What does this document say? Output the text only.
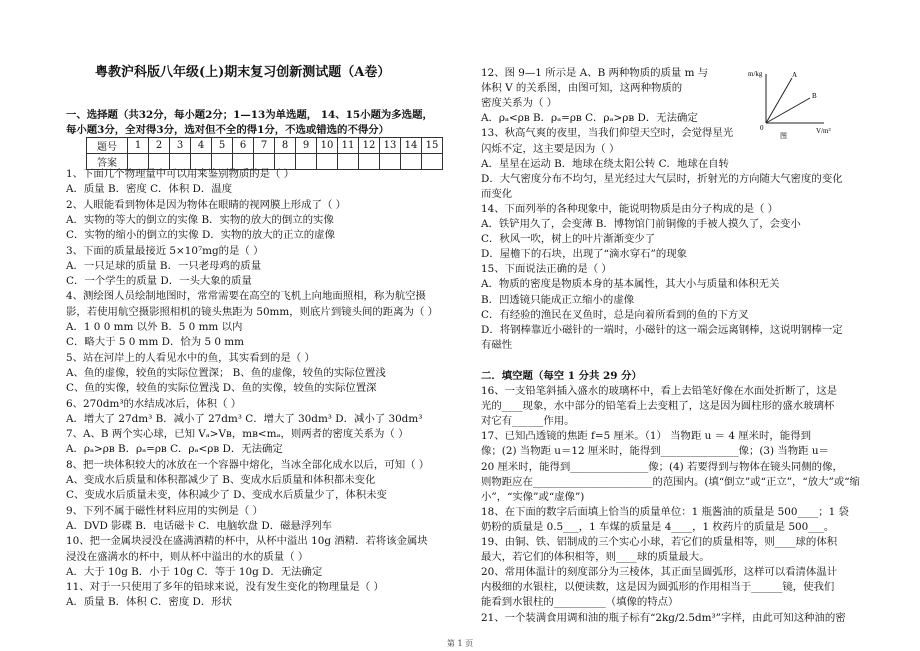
粤教沪科版八年级(上)期末复习创新测试题（A卷）
一、选择题（共32分，每小题2分；1—13为单选题， 14、15小题为多选题，
每小题3分，全对得3分，选对但不全的得1分，不选或错选的不得分）
1、下面几个物理量中可以用来鉴别物质的是（ ）
A．质量 B．密度 C．体积 D．温度
2、人眼能看到物体是因为物体在眼睛的视网膜上形成了（ ）
A．实物的等大的倒立的实像 B．实物的放大的倒立的实像
C．实物的缩小的倒立的实像 D．实物的放大的正立的虚像
3、下面的质量最接近 5×10⁷mg的是（ ）
A．一只足球的质量 B．一只老母鸡的质量
C．一个学生的质量 D．一头大象的质量
4、测绘图人员绘制地图时，常常需要在高空的飞机上向地面照相，称为航空摄
影，若使用航空摄影照相机的镜头焦距为 50mm，则底片到镜头间的距离为（ ）
A．1 0 0 mm 以外 B．5 0 mm 以内
C．略大于 5 0 mm D．恰为 5 0 mm
5、站在河岸上的人看见水中的鱼，其实看到的是（ ）
A、鱼的虚像，较鱼的实际位置深； B、鱼的虚像，较鱼的实际位置浅
C、鱼的实像，较鱼的实际位置浅 D、鱼的实像，较鱼的实际位置深
6、270dm³的水结成冰后，体积（ ）
A．增大了 27dm³ B．减小了 27dm³ C．增大了 30dm³ D．减小了 30dm³
7、A、B 两个实心球，已知 Vₐ>Vʙ，mʙ<mₐ，则两者的密度关系为（ ）
A．ρₐ>ρʙ B．ρₐ=ρʙ C．ρₐ<ρʙ D．无法确定
8、把一块体积较大的冰放在一个容器中熔化，当冰全部化成水以后，可知（ ）
A、变成水后质量和体积都减少了 B、变成水后质量和体积都未变化
C、变成水后质量未变，体积减少了 D、变成水后质量少了，体积未变
9、下列不属于磁性材料应用的实例是（ ）
A．DVD 影碟 B．电话磁卡 C．电脑软盘 D．磁悬浮列车
10、把一金属块浸没在盛满酒精的杯中，从杯中溢出 10g 酒精．若将该金属块
浸没在盛满水的杯中，则从杯中溢出的水的质量（ ）
A．大于 10g B．小于 10g C．等于 10g D．无法确定
11、对于一只使用了多年的铅球来说，没有发生变化的物理量是（ ）
A．质量 B．体积 C．密度 D．形状
12、图 9—1 所示是 A、B 两种物质的质量 m 与
体积 V 的关系图，由图可知，这两种物质的
密度关系为（ ）
A．ρₐ<ρʙ B．ρₐ=ρʙ C．ρₐ>ρʙ D．无法确定
13、秋高气爽的夜里，当我们仰望天空时，会觉得星光
闪烁不定，这主要是因为（ ）
A．星星在运动 B．地球在绕太阳公转 C．地球在自转
D．大气密度分布不均匀，星光经过大气层时，折射光的方向随大气密度的变化
而变化
14、下面列举的各种现象中，能说明物质是由分子构成的是（ ）
A．铁铲用久了，会变薄 B．博物馆门前铜像的手被人摸久了，会变小
C．秋风一吹，树上的叶片渐渐变少了
D．屋檐下的石块，出现了“滴水穿石”的现象
15、下面说法正确的是（ ）
A．物质的密度是物质本身的基本属性，其大小与质量和体积无关
B．凹透镜只能成正立缩小的虚像
C．有经验的渔民在叉鱼时，总是向着所看到的鱼的下方叉
D．将钢棒靠近小磁针的一端时，小磁针的这一端会远离钢棒，这说明钢棒一定
有磁性
二．填空题（每空 1 分共 29 分）
16、一支铅笔斜插入盛水的玻璃杯中，看上去铅笔好像在水面处折断了，这是
光的____现象，水中部分的铅笔看上去变粗了，这是因为圆柱形的盛水玻璃杯
对它有______作用。
17、已知凸透镜的焦距 f=5 厘米。（1） 当物距 u ＝ 4 厘米时，能得到
像；(2) 当物距 u＝12 厘米时，能得到_______________像；(3) 当物距 u＝
20 厘米时，能得到_______________像；(4) 若要得到与物体在镜头同侧的像，
则物距应在_______________________的范围内。(填“倒立”或“正立”，“放大”或“缩
小”，“实像”或“虚像”)
18、在下面的数字后面填上恰当的质量单位：1 瓶酱油的质量是 500____；1 袋
奶粉的质量是 0.5___，1 车煤的质量是 4____，1 枚药片的质量是 500___。
19、由铜、铁、铝制成的三个实心小球，若它们的质量相等，则____球的体积
最大，若它们的体积相等，则____球的质量最大。
20、常用体温计的刻度部分为三棱体，其正面呈圆弧形，这样可以看清体温计
内极细的水银柱，以便读数，这是因为圆弧形的作用相当于______镜，使我们
能看到水银柱的__________（填像的特点）
21、一个装满食用调和油的瓶子标有“2kg/2.5dm³”字样，由此可知这种油的密
题号	1	2	3	4	5	6	7	8	9	10	11	12	13	14	15
答案															
m/kg
V/m³
0
A
B
图
第 1 页
